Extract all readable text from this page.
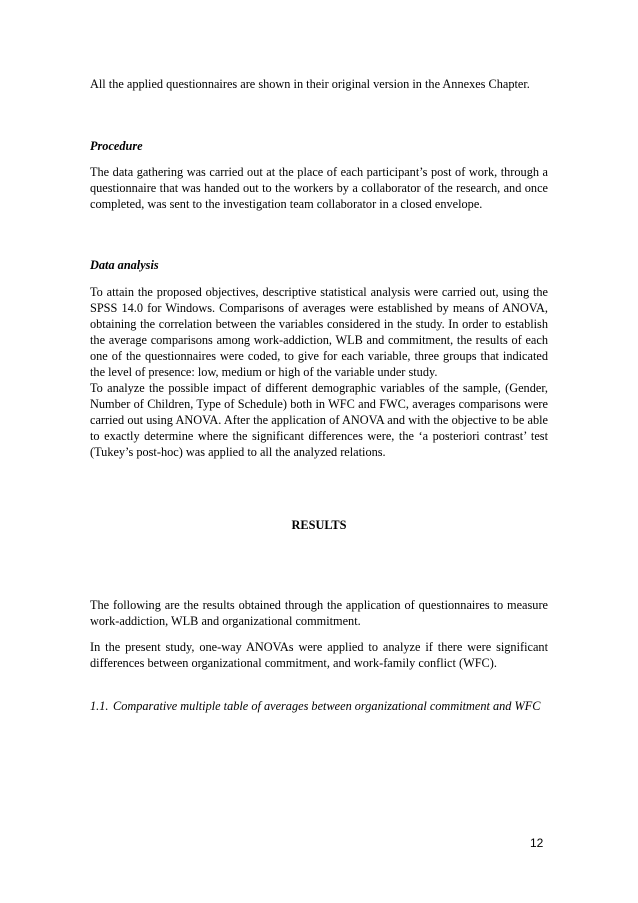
All the applied questionnaires are shown in their original version in the Annexes Chapter.

Procedure

The data gathering was carried out at the place of each participant’s post of work, through a questionnaire that was handed out to the workers by a collaborator of the research, and once completed, was sent to the investigation team collaborator in a closed envelope.

Data analysis

To attain the proposed objectives, descriptive statistical analysis were carried out, using the SPSS 14.0 for Windows. Comparisons of averages were established by means of ANOVA, obtaining the correlation between the variables considered in the study. In order to establish the average comparisons among work-addiction, WLB and commitment, the results of each one of the questionnaires were coded, to give for each variable, three groups that indicated the level of presence: low, medium or high of the variable under study.

To analyze the possible impact of different demographic variables of the sample, (Gender, Number of Children, Type of Schedule) both in WFC and FWC, averages comparisons were carried out using ANOVA. After the application of ANOVA and with the objective to be able to exactly determine where the significant differences were, the ‘a posteriori contrast’ test (Tukey’s post-hoc) was applied to all the analyzed relations.

RESULTS

The following are the results obtained through the application of questionnaires to measure work-addiction, WLB and organizational commitment.

In the present study, one-way ANOVAs were applied to analyze if there were significant differences between organizational commitment, and work-family conflict (WFC).

1.1. Comparative multiple table of averages between organizational commitment and WFC
12
